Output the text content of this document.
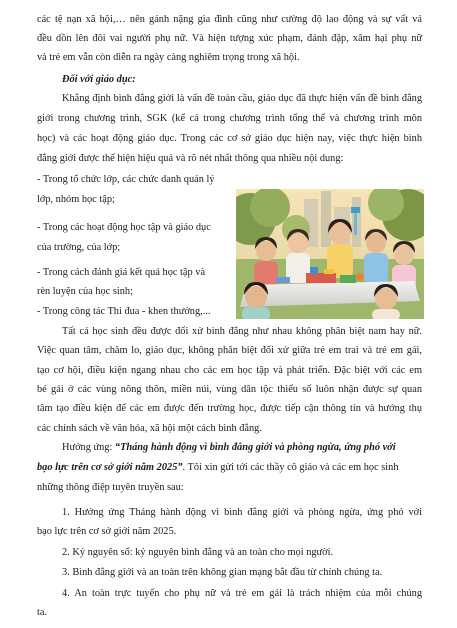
các tệ nạn xã hội,… nên gánh nặng gia đình cũng như cường độ lao động và sự vất vả
đều dồn lên đôi vai người phụ nữ. Và hiện tượng xúc phạm, đánh đập, xâm hại phụ nữ
và trẻ em vẫn còn diễn ra ngày càng nghiêm trọng trong xã hội.
Đối với giáo dục:
Khẳng định bình đẳng giới là vấn đề toàn cầu, giáo dục đã thực hiện vấn đề bình đẳng
giới trong chương trình, SGK (kể cả trong chương trình tổng thể và chương trình môn
học) và các hoạt động giáo dục. Trong các cơ sở giáo dục hiện nay, việc thực hiện bình
đẳng giới được thể hiện hiệu quả và rõ nét nhất thông qua nhiều nội dung:
- Trong tổ chức lớp, các chức danh quản lý
lớp, nhóm học tập;
- Trong các hoạt động học tập và giáo dục
của trường, của lớp;
- Trong cách đánh giá kết quả học tập và
rèn luyện của học sinh;
- Trong công tác Thi đua - khen thưởng,...
Tất cả học sinh đều được đối xử bình đẳng như nhau không phân biệt nam hay nữ.
Việc quan tâm, chăm lo, giáo dục, không phân biệt đối xử giữa trẻ em trai và trẻ em gái,
tạo cơ hội, điều kiện ngang nhau cho các em học tập và phát triển. Đặc biệt với các em
bé gái ở các vùng nông thôn, miền núi, vùng dân tộc thiểu số luôn nhận được sự quan
tâm tạo điều kiện để các em được đến trường học, được tiếp cận thông tin và hướng thụ
các chính sách về văn hóa, xã hội một cách bình đẳng.
Hưởng ứng: “Tháng hành động vì bình đẳng giới và phòng ngừa, ứng phó với
bạo lực trên cơ sở giới năm 2025”. Tôi xin gửi tới các thầy cô giáo và các em học sinh
những thông điệp tuyên truyền sau:
1. Hưởng ứng Tháng hành động vì bình đẳng giới và phòng ngừa, ứng phó với
bạo lực trên cơ sở giới năm 2025.
2. Kỷ nguyên số: kỷ nguyên bình đẳng và an toàn cho mọi người.
3. Bình đẳng giới và an toàn trên không gian mạng bắt đầu từ chính chúng ta.
4. An toàn trực tuyến cho phụ nữ và trẻ em gái là trách nhiệm của mỗi chúng
ta.
